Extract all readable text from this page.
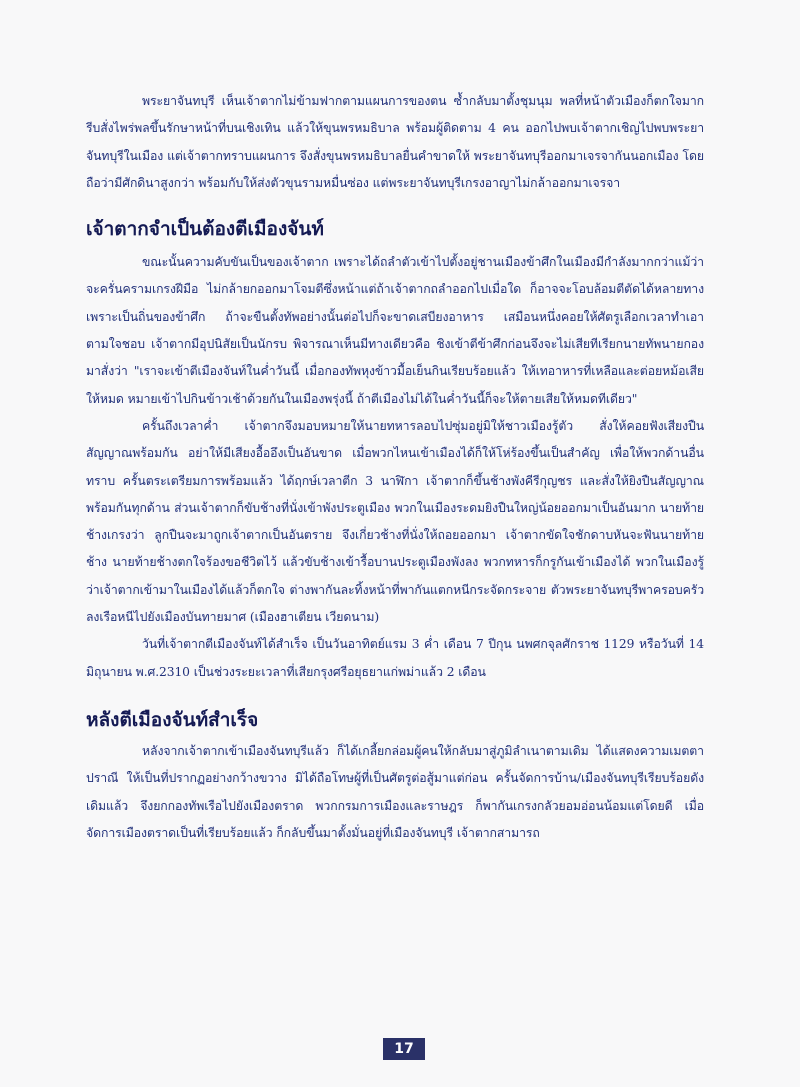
พระยาจันทบุรี เห็นเจ้าตากไม่ข้ามฟากตามแผนการของตน ซ้ำกลับมาตั้งชุมนุม พลที่หน้าตัวเมืองก็ตกใจมาก รีบสั่งไพร่พลขึ้นรักษาหน้าที่บนเชิงเทิน แล้วให้ขุนพรหมธิบาล พร้อมผู้ติดตาม 4 คน ออกไปพบเจ้าตากเชิญไปพบพระยาจันทบุรีในเมือง แต่เจ้าตากทราบแผนการ จึงสั่งขุนพรหมธิบาลยื่นคำขาดให้ พระยาจันทบุรีออกมาเจรจากันนอกเมือง โดยถือว่ามีศักดินาสูงกว่า พร้อมกับให้ส่งตัวขุนรามหมื่นซ่อง แต่พระยาจันทบุรีเกรงอาญาไม่กล้าออกมาเจรจา

เจ้าตากจำเป็นต้องตีเมืองจันท์

ขณะนั้นความคับขันเป็นของเจ้าตาก เพราะได้ถลำตัวเข้าไปตั้งอยู่ชานเมืองข้าศึกในเมืองมีกำลังมากกว่าแม้ว่าจะครั่นครามเกรงฝีมือ ไม่กล้ายกออกมาโจมตีซึ่งหน้าแต่ถ้าเจ้าตากถลำออกไปเมื่อใด ก็อาจจะโอบล้อมตีตัดได้หลายทาง เพราะเป็นถิ่นของข้าศึก ถ้าจะขืนตั้งทัพอย่างนั้นต่อไปก็จะขาดเสบียงอาหาร เสมือนหนึ่งคอยให้ศัตรูเลือกเวลาทำเอาตามใจชอบ เจ้าตากมีอุปนิสัยเป็นนักรบ พิจารณาเห็นมีทางเดียวคือ ชิงเข้าตีข้าศึกก่อนจึงจะไม่เสียทีเรียกนายทัพนายกองมาสั่งว่า "เราจะเข้าตีเมืองจันท์ในค่ำวันนี้ เมื่อกองทัพหุงข้าวมื้อเย็นกินเรียบร้อยแล้ว ให้เทอาหารที่เหลือและต่อยหม้อเสียให้หมด หมายเข้าไปกินข้าวเช้าด้วยกันในเมืองพรุ่งนี้ ถ้าตีเมืองไม่ได้ในค่ำวันนี้ก็จะให้ตายเสียให้หมดทีเดียว"

ครั้นถึงเวลาค่ำ เจ้าตากจึงมอบหมายให้นายทหารลอบไปซุ่มอยู่มิให้ชาวเมืองรู้ตัว สั่งให้คอยฟังเสียงปืนสัญญาณพร้อมกัน อย่าให้มีเสียงอื้ออึงเป็นอันขาด เมื่อพวกไหนเข้าเมืองได้ก็ให้โห่ร้องขึ้นเป็นสำคัญ เพื่อให้พวกด้านอื่นทราบ ครั้นตระเตรียมการพร้อมแล้ว ได้ฤกษ์เวลาตีก 3 นาฬิกา เจ้าตากก็ขึ้นช้างพังคีรีกุญชร และสั่งให้ยิงปืนสัญญาณพร้อมกันทุกด้าน ส่วนเจ้าตากก็ขับช้างที่นั่งเข้าพังประตูเมือง พวกในเมืองระดมยิงปืนใหญ่น้อยออกมาเป็นอันมาก นายท้ายช้างเกรงว่า ลูกปืนจะมาถูกเจ้าตากเป็นอันตราย จึงเกี่ยวช้างที่นั่งให้ถอยออกมา เจ้าตากขัดใจชักดาบหันจะฟันนายท้ายช้าง นายท้ายช้างตกใจร้องขอชีวิตไว้ แล้วขับช้างเข้ารื้อบานประตูเมืองพังลง พวกทหารก็กรูกันเข้าเมืองได้ พวกในเมืองรู้ว่าเจ้าตากเข้ามาในเมืองได้แล้วก็ตกใจ ต่างพากันละทิ้งหน้าที่พากันแตกหนีกระจัดกระจาย ตัวพระยาจันทบุรีพาครอบครัวลงเรือหนีไปยังเมืองบันทายมาศ (เมืองฮาเตียน เวียดนาม)

วันที่เจ้าตากตีเมืองจันท์ได้สำเร็จ เป็นวันอาทิตย์แรม 3 ค่ำ เดือน 7 ปีกุน นพศกจุลศักราช 1129 หรือวันที่ 14 มิถุนายน พ.ศ.2310 เป็นช่วงระยะเวลาที่เสียกรุงศรีอยุธยาแก่พม่าแล้ว 2 เดือน

หลังตีเมืองจันท์สำเร็จ

หลังจากเจ้าตากเข้าเมืองจันทบุรีแล้ว ก็ได้เกลี้ยกล่อมผู้คนให้กลับมาสู่ภูมิลำเนาตามเดิม ได้แสดงความเมตตาปราณี ให้เป็นที่ปรากฏอย่างกว้างขวาง มิได้ถือโทษผู้ที่เป็นศัตรูต่อสู้มาแต่ก่อน ครั้นจัดการบ้าน/เมืองจันทบุรีเรียบร้อยดังเดิมแล้ว จึงยกกองทัพเรือไปยังเมืองตราด พวกกรมการเมืองและราษฎร ก็พากันเกรงกลัวยอมอ่อนน้อมแต่โดยดี เมื่อจัดการเมืองตราดเป็นที่เรียบร้อยแล้ว ก็กลับขึ้นมาตั้งมั่นอยู่ที่เมืองจันทบุรี เจ้าตากสามารถ

17
